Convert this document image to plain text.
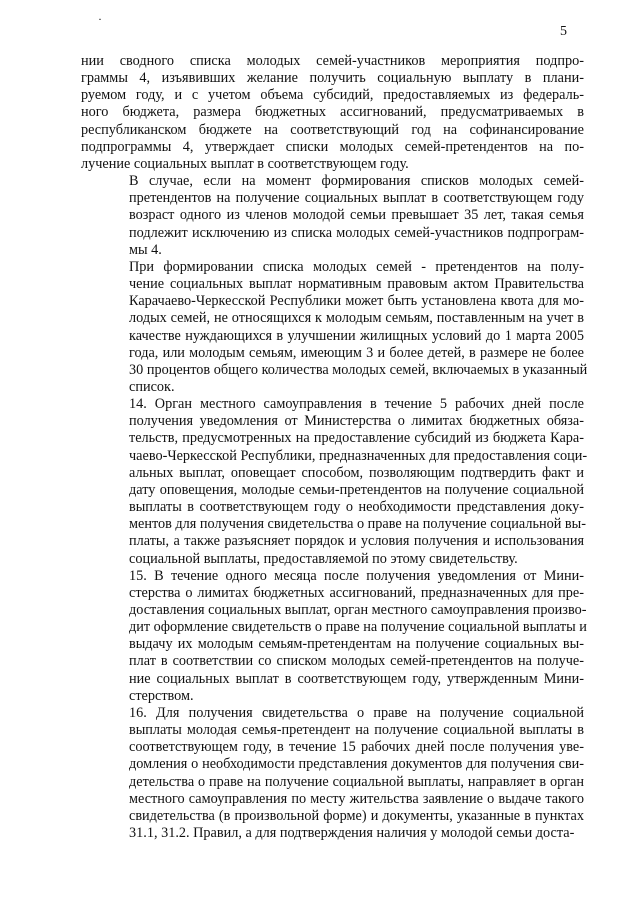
·
5

нии сводного списка молодых семей-участников мероприятия подпро-
граммы 4, изъявивших желание получить социальную выплату в плани-
руемом году, и с учетом объема субсидий, предоставляемых из федераль-
ного бюджета, размера бюджетных ассигнований, предусматриваемых в
республиканском бюджете на соответствующий год на софинансирование
подпрограммы 4, утверждает списки молодых семей-претендентов на по-
лучение социальных выплат в соответствующем году.

В случае, если на момент формирования списков молодых семей-
претендентов на получение социальных выплат в соответствующем году
возраст одного из членов молодой семьи превышает 35 лет, такая семья
подлежит исключению из списка молодых семей-участников подпрограм-
мы 4.

При формировании списка молодых семей - претендентов на полу-
чение социальных выплат нормативным правовым актом Правительства
Карачаево-Черкесской Республики может быть установлена квота для мо-
лодых семей, не относящихся к молодым семьям, поставленным на учет в
качестве нуждающихся в улучшении жилищных условий до 1 марта 2005
года, или молодым семьям, имеющим 3 и более детей, в размере не более
30 процентов общего количества молодых семей, включаемых в указанный
список.

14. Орган местного самоуправления в течение 5 рабочих дней после
получения уведомления от Министерства о лимитах бюджетных обяза-
тельств, предусмотренных на предоставление субсидий из бюджета Кара-
чаево-Черкесской Республики, предназначенных для предоставления соци-
альных выплат, оповещает способом, позволяющим подтвердить факт и
дату оповещения, молодые семьи-претендентов на получение социальной
выплаты в соответствующем году о необходимости представления доку-
ментов для получения свидетельства о праве на получение социальной вы-
платы, а также разъясняет порядок и условия получения и использования
социальной выплаты, предоставляемой по этому свидетельству.

15. В течение одного месяца после получения уведомления от Мини-
стерства о лимитах бюджетных ассигнований, предназначенных для пре-
доставления социальных выплат, орган местного самоуправления произво-
дит оформление свидетельств о праве на получение социальной выплаты и
выдачу их молодым семьям-претендентам на получение социальных вы-
плат в соответствии со списком молодых семей-претендентов на получе-
ние социальных выплат в соответствующем году, утвержденным Мини-
стерством.

16. Для получения свидетельства о праве на получение социальной
выплаты молодая семья-претендент на получение социальной выплаты в
соответствующем году, в течение 15 рабочих дней после получения уве-
домления о необходимости представления документов для получения сви-
детельства о праве на получение социальной выплаты, направляет в орган
местного самоуправления по месту жительства заявление о выдаче такого
свидетельства (в произвольной форме) и документы, указанные в пунктах
31.1, 31.2. Правил, а для подтверждения наличия у молодой семьи доста-
